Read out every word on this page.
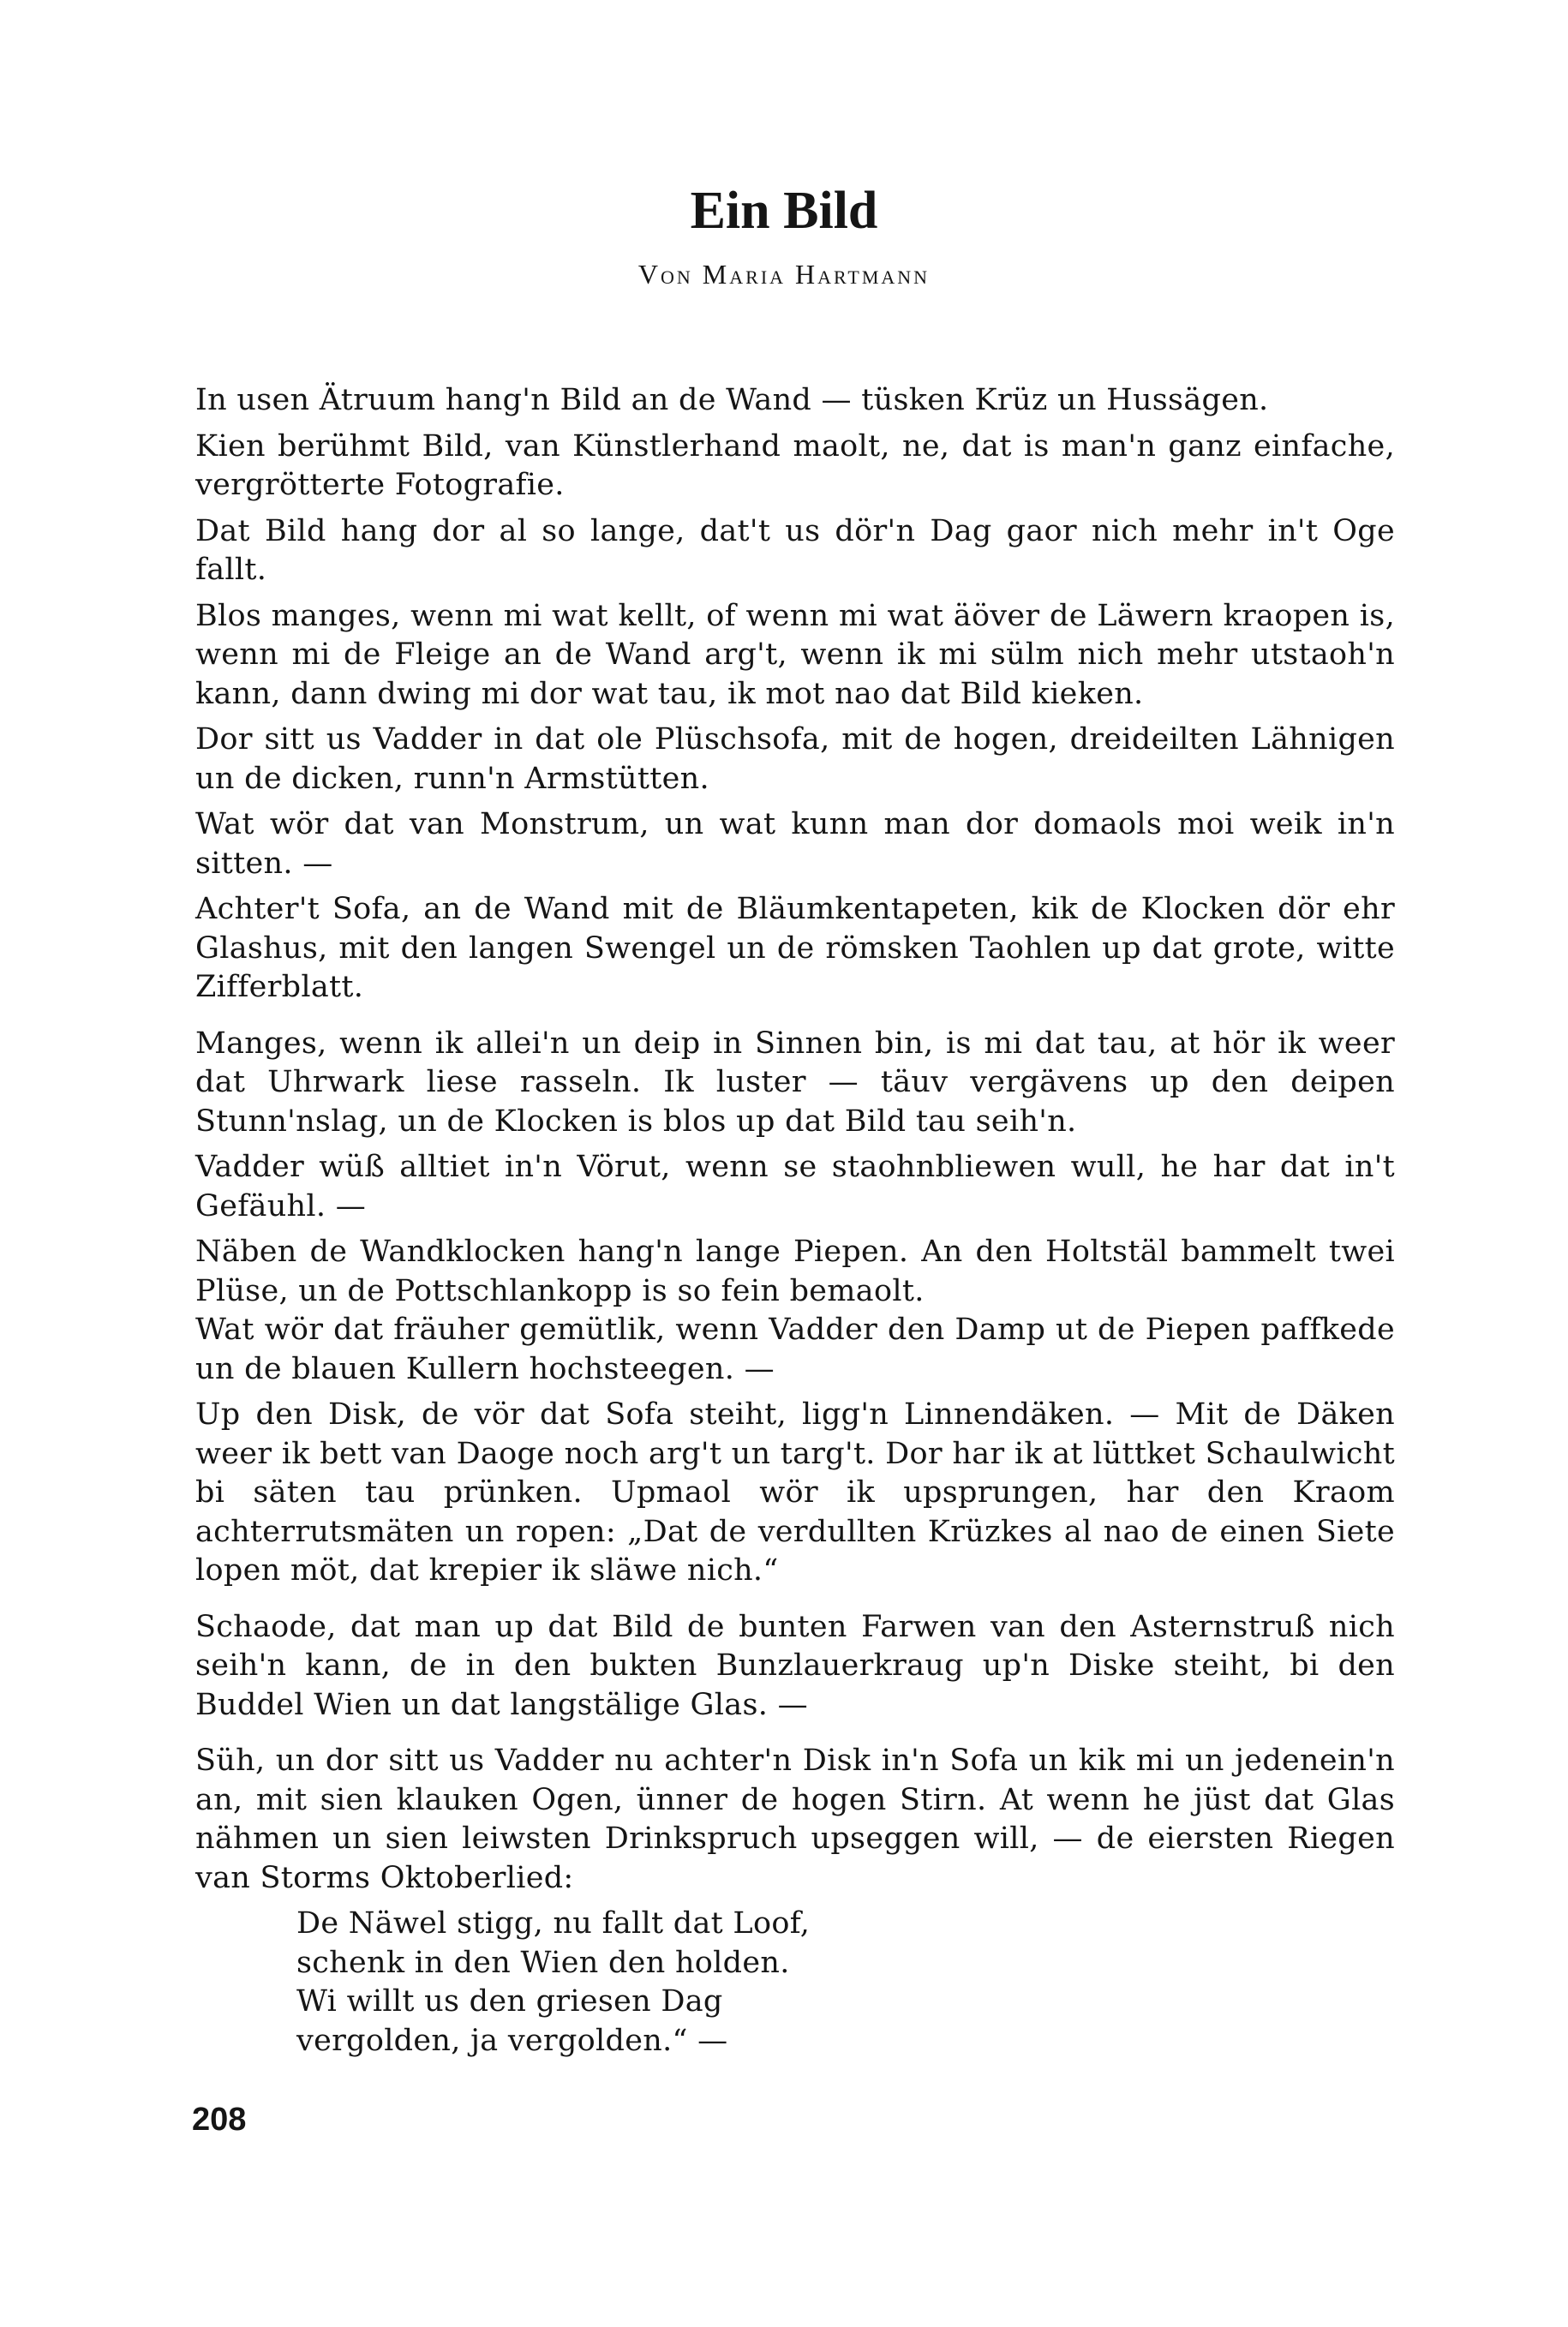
Ein Bild
Von Maria Hartmann

In usen Ätruum hang'n Bild an de Wand — tüsken Krüz un Hussägen.

Kien berühmt Bild, van Künstlerhand maolt, ne, dat is man'n ganz einfache, vergrötterte Fotografie.

Dat Bild hang dor al so lange, dat't us dör'n Dag gaor nich mehr in't Oge fallt.

Blos manges, wenn mi wat kellt, of wenn mi wat äöver de Läwern kraopen is, wenn mi de Fleige an de Wand arg't, wenn ik mi sülm nich mehr utstaoh'n kann, dann dwing mi dor wat tau, ik mot nao dat Bild kieken.

Dor sitt us Vadder in dat ole Plüschsofa, mit de hogen, dreideilten Lähnigen un de dicken, runn'n Armstütten.

Wat wör dat van Monstrum, un wat kunn man dor domaols moi weik in'n sitten. —

Achter't Sofa, an de Wand mit de Bläumkentapeten, kik de Klocken dör ehr Glashus, mit den langen Swengel un de römsken Taohlen up dat grote, witte Zifferblatt.

Manges, wenn ik allei'n un deip in Sinnen bin, is mi dat tau, at hör ik weer dat Uhrwark liese rasseln. Ik luster — täuv vergävens up den deipen Stunn'nslag, un de Klocken is blos up dat Bild tau seih'n.

Vadder wüß alltiet in'n Vörut, wenn se staohnbliewen wull, he har dat in't Gefäuhl. —

Näben de Wandklocken hang'n lange Piepen. An den Holtstäl bammelt twei Plüse, un de Pottschlankopp is so fein bemaolt.

Wat wör dat fräuher gemütlik, wenn Vadder den Damp ut de Piepen paffkede un de blauen Kullern hochsteegen. —

Up den Disk, de vör dat Sofa steiht, ligg'n Linnendäken. — Mit de Däken weer ik bett van Daoge noch arg't un targ't. Dor har ik at lüttket Schaulwicht bi säten tau prünken. Upmaol wör ik upsprungen, har den Kraom achterrutsmäten un ropen: „Dat de verdullten Krüzkes al nao de einen Siete lopen möt, dat krepier ik släwe nich.“

Schaode, dat man up dat Bild de bunten Farwen van den Asternstruß nich seih'n kann, de in den bukten Bunzlauerkraug up'n Diske steiht, bi den Buddel Wien un dat langstälige Glas. —

Süh, un dor sitt us Vadder nu achter'n Disk in'n Sofa un kik mi un jedenein'n an, mit sien klauken Ogen, ünner de hogen Stirn. At wenn he jüst dat Glas nähmen un sien leiwsten Drinkspruch upseggen will, — de eiersten Riegen van Storms Oktoberlied:

De Näwel stigg, nu fallt dat Loof,
schenk in den Wien den holden.
Wi willt us den griesen Dag
vergolden, ja vergolden.“ —
208
